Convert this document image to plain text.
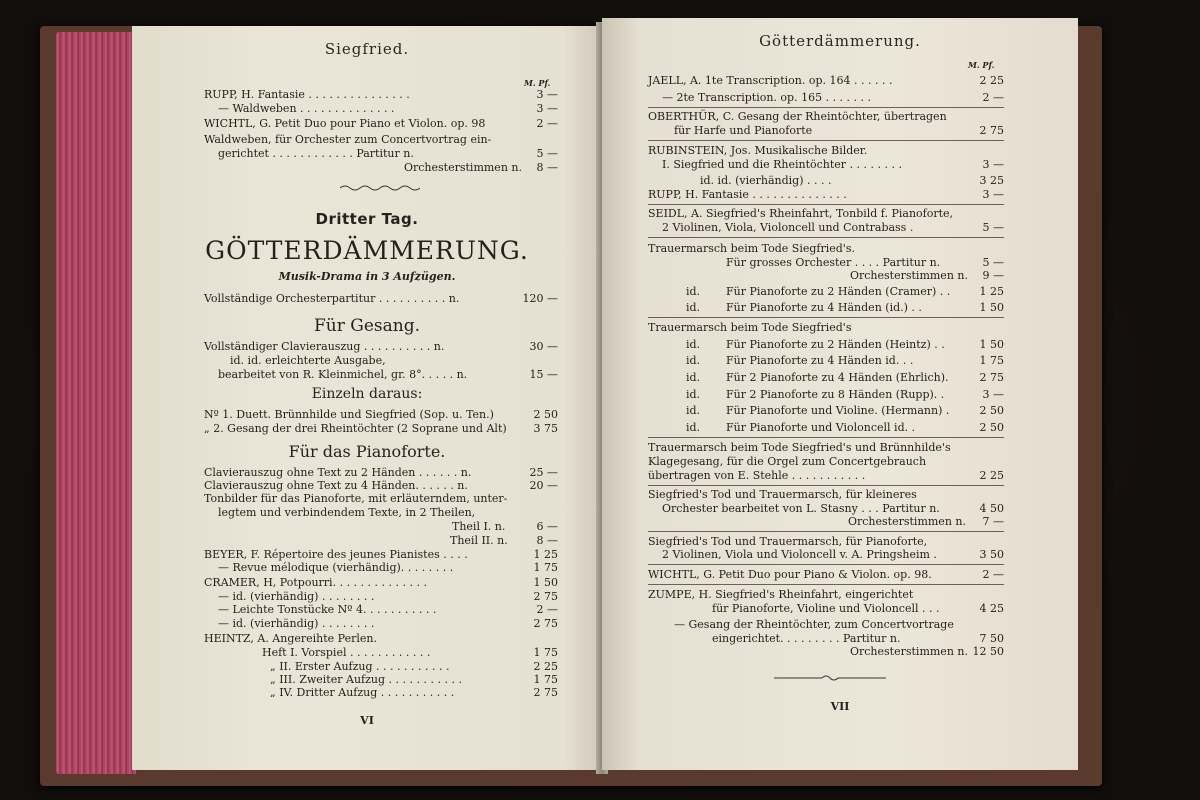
Siegfried.
M. Pf.
RUPP, H. Fantasie . . . . . . . . . . . . . . .	3 —
— Waldweben . . . . . . . . . . . . . .	3 —
WICHTL, G. Petit Duo pour Piano et Violon. op. 98	2 —
Waldweben, für Orchester zum Concertvortrag ein-
gerichtet . . . . . . . . . . . . Partitur n.	5 —
Orchesterstimmen n. 8 —
Dritter Tag.
GÖTTERDÄMMERUNG.
Musik-Drama in 3 Aufzügen.
Vollständige Orchesterpartitur . . . . . . . . . . n.	120 —
Für Gesang.
Vollständiger Clavierauszug . . . . . . . . . . n.	30 —
id. id. erleichterte Ausgabe,
bearbeitet von R. Kleinmichel, gr. 8°. . . . . n.	15 —
Einzeln daraus:
Nº 1. Duett. Brünnhilde und Siegfried (Sop. u. Ten.)	2 50
„ 2. Gesang der drei Rheintöchter (2 Soprane und Alt) 3 75
Für das Pianoforte.
Clavierauszug ohne Text zu 2 Händen . . . . . . n.	25 —
Clavierauszug ohne Text zu 4 Händen. . . . . . n.	20 —
Tonbilder für das Pianoforte, mit erläuterndem, unter-
legtem und verbindendem Texte, in 2 Theilen,
Theil I. n.	6 —
Theil II. n.	8 —
BEYER, F. Répertoire des jeunes Pianistes . . . .	1 25
— Revue mélodique (vierhändig). . . . . . . .	1 75
CRAMER, H, Potpourri. . . . . . . . . . . . . .	1 50
— id. (vierhändig) . . . . . . . .	2 75
— Leichte Tonstücke Nº 4. . . . . . . . . . .	2 —
— id. (vierhändig) . . . . . . . .	2 75
HEINTZ, A. Angereihte Perlen.
Heft I. Vorspiel . . . . . . . . . . . .	1 75
„ II. Erster Aufzug . . . . . . . . . . .	2 25
„ III. Zweiter Aufzug . . . . . . . . . . .	1 75
„ IV. Dritter Aufzug . . . . . . . . . . .	2 75
VI
Götterdämmerung.
M. Pf.
JAELL, A. 1te Transcription. op. 164 . . . . . .	2 25
— 2te Transcription. op. 165 . . . . . . .	2 —
OBERTHÜR, C. Gesang der Rheintöchter, übertragen
für Harfe und Pianoforte	2 75
RUBINSTEIN, Jos. Musikalische Bilder.
I. Siegfried und die Rheintöchter . . . . . . . .	3 —
id. id. (vierhändig) . . . .	3 25
RUPP, H. Fantasie . . . . . . . . . . . . . .	3 —
SEIDL, A. Siegfried's Rheinfahrt, Tonbild f. Pianoforte,
2 Violinen, Viola, Violoncell und Contrabass .	5 —
Trauermarsch beim Tode Siegfried's.
Für grosses Orchester . . . . Partitur n.	5 —
Orchesterstimmen n. 9 —
id. Für Pianoforte zu 2 Händen (Cramer) . .	1 25
id. Für Pianoforte zu 4 Händen (id.) . .	1 50
Trauermarsch beim Tode Siegfried's
id. Für Pianoforte zu 2 Händen (Heintz) . .	1 50
id. Für Pianoforte zu 4 Händen id. . .	1 75
id. Für 2 Pianoforte zu 4 Händen (Ehrlich).	2 75
id. Für 2 Pianoforte zu 8 Händen (Rupp). .	3 —
id. Für Pianoforte und Violine. (Hermann) .	2 50
id. Für Pianoforte und Violoncell id. .	2 50
Trauermarsch beim Tode Siegfried's und Brünnhilde's
Klagegesang, für die Orgel zum Concertgebrauch
übertragen von E. Stehle . . . . . . . . . . .	2 25
Siegfried's Tod und Trauermarsch, für kleineres
Orchester bearbeitet von L. Stasny . . . Partitur n.	4 50
Orchesterstimmen n. 7 —
Siegfried's Tod und Trauermarsch, für Pianoforte,
2 Violinen, Viola und Violoncell v. A. Pringsheim .	3 50
WICHTL, G. Petit Duo pour Piano & Violon. op. 98.	2 —
ZUMPE, H. Siegfried's Rheinfahrt, eingerichtet
für Pianoforte, Violine und Violoncell . . .	4 25
— Gesang der Rheintöchter, zum Concertvortrage
eingerichtet. . . . . . . . . Partitur n.	7 50
Orchesterstimmen n. 12 50
VII
